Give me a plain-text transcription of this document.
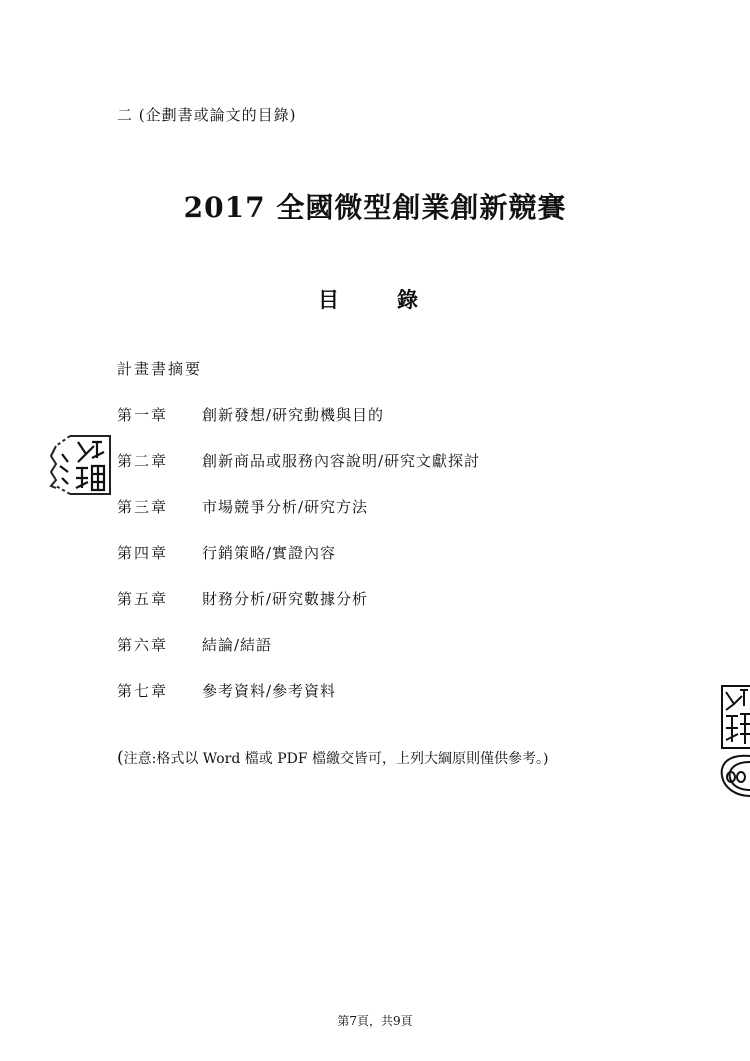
二 (企劃書或論文的目錄)
2017 全國微型創業創新競賽
目	錄
計畫書摘要
第一章	創新發想/研究動機與目的
第二章	創新商品或服務內容說明/研究文獻探討
第三章	市場競爭分析/研究方法
第四章	行銷策略/實證內容
第五章	財務分析/研究數據分析
第六章	結論/結語
第七章	參考資料/參考資料
(注意:格式以 Word 檔或 PDF 檔繳交皆可，上列大綱原則僅供參考。)
第7頁，共9頁
